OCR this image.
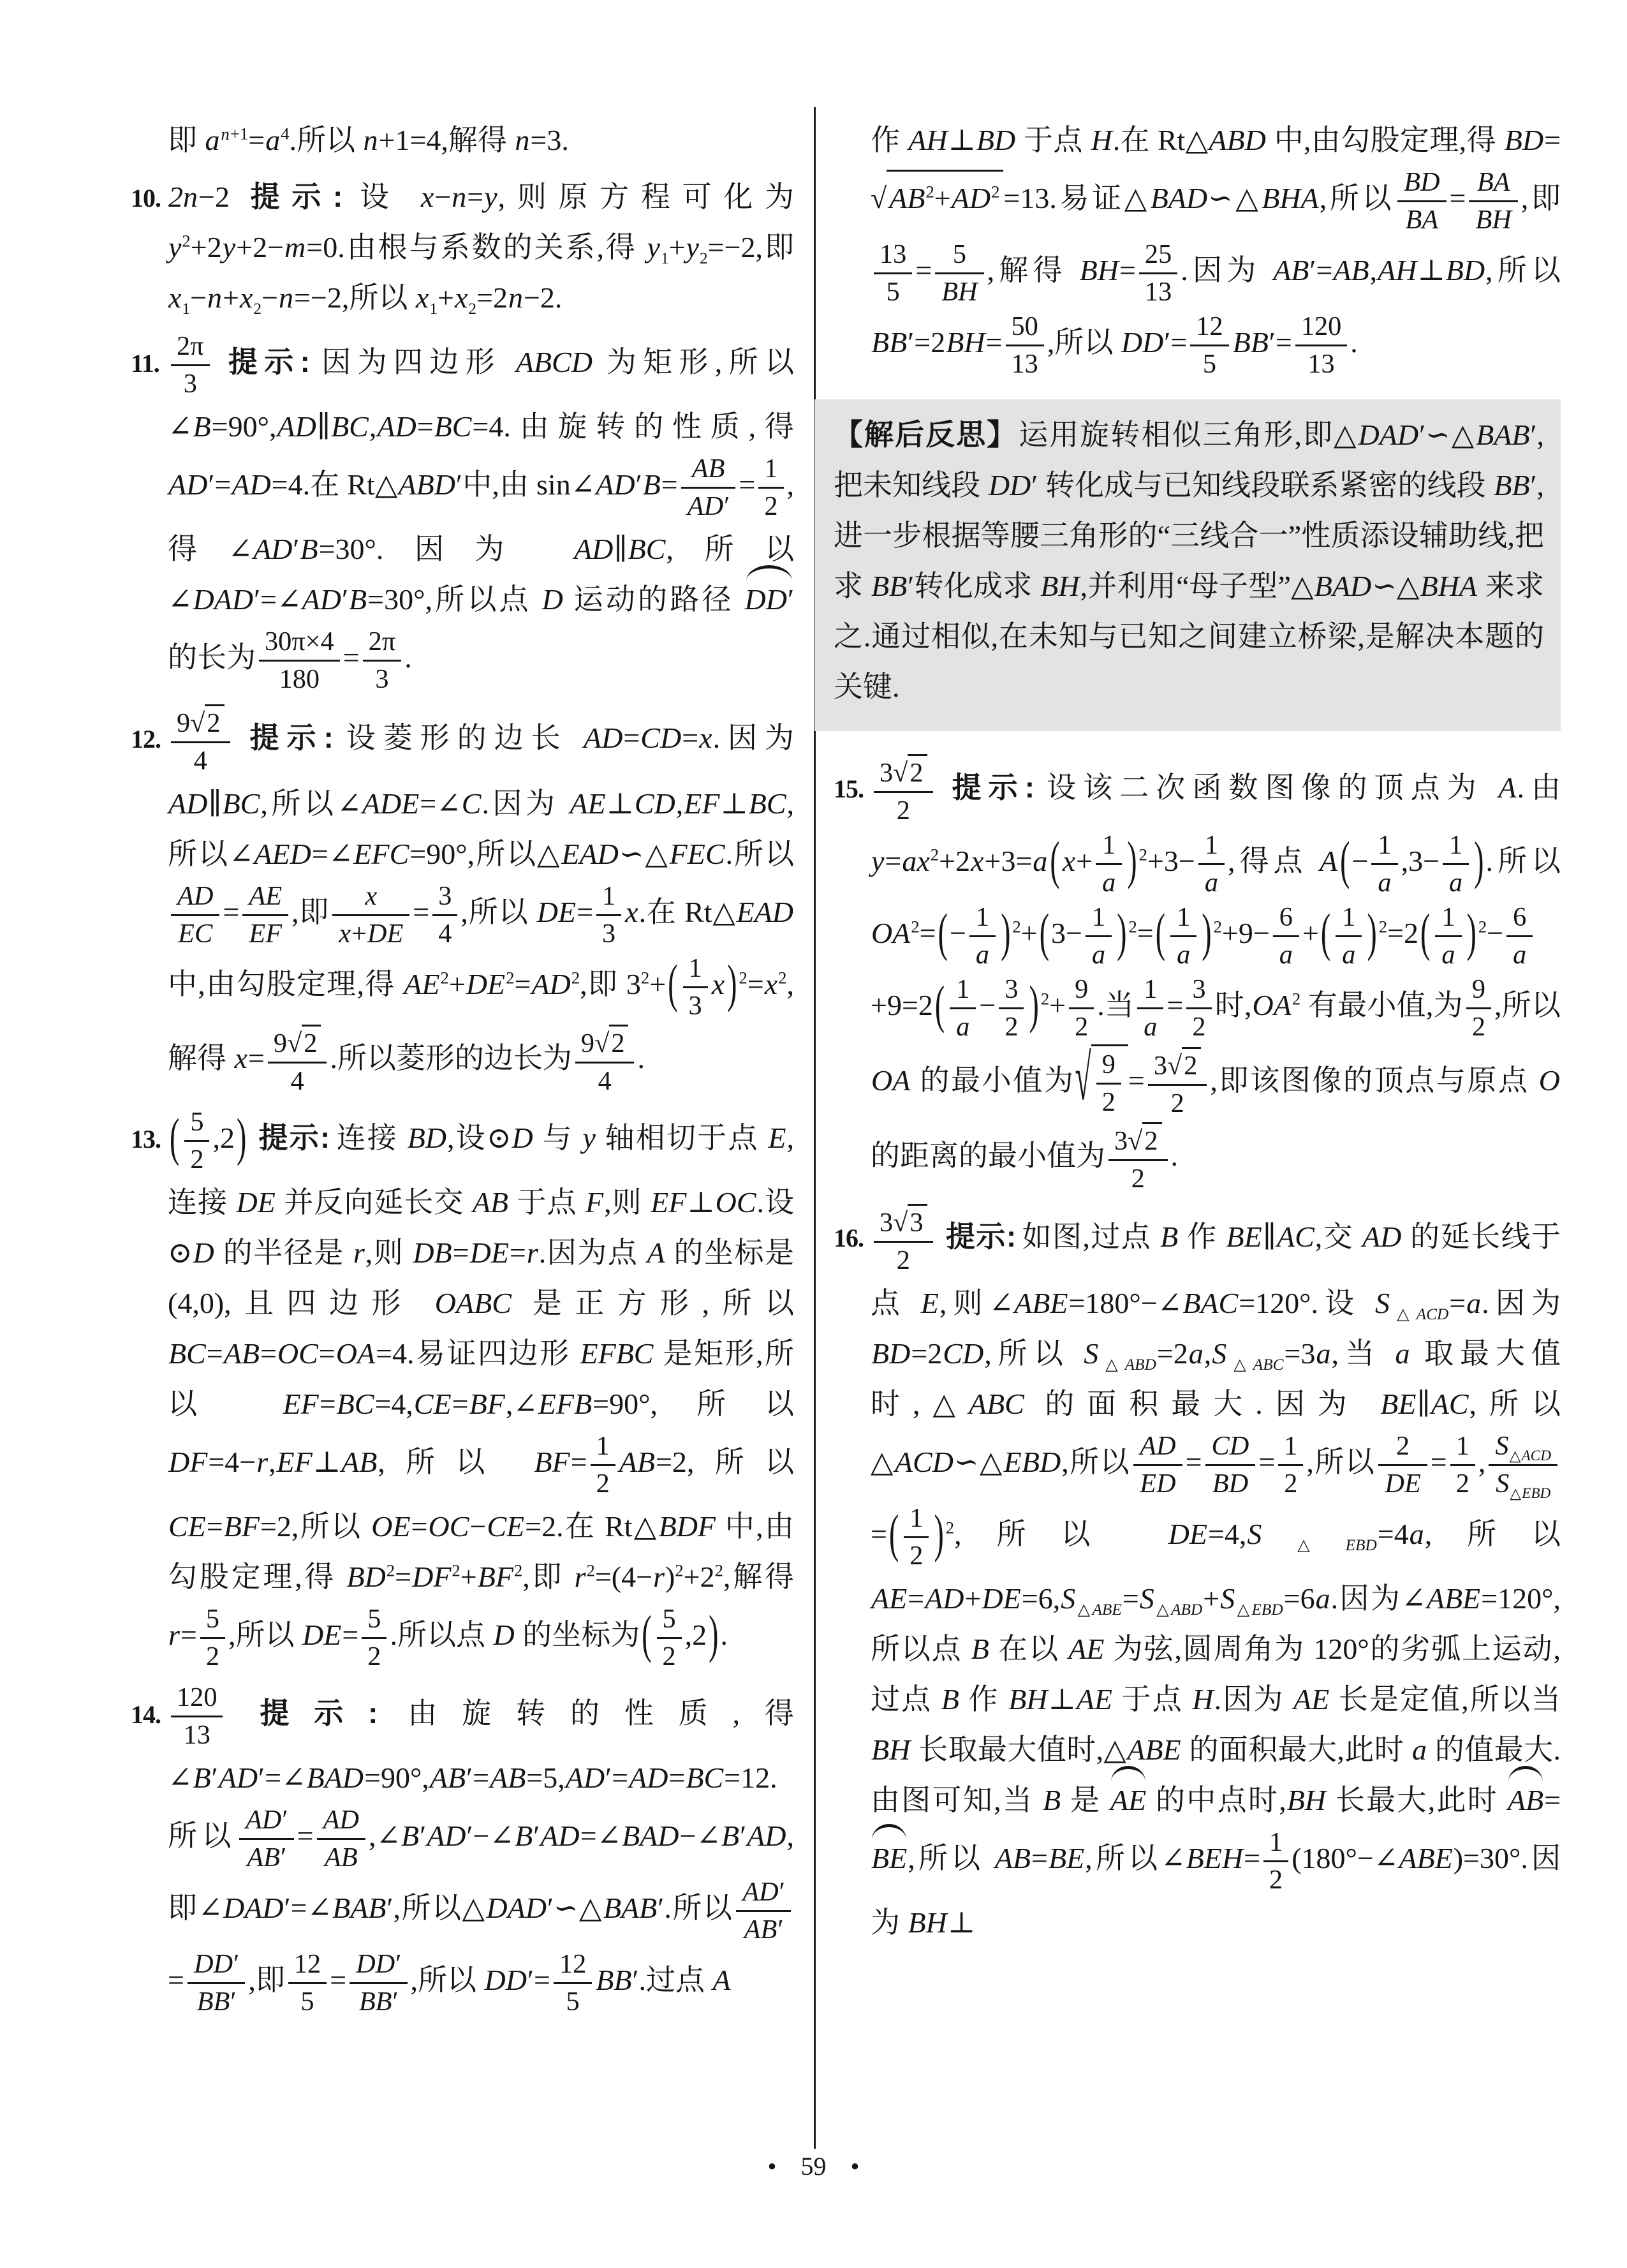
即 $a^{n+1}=a^4$.所以 n+1=4,解得 n=3.

10. 2n−2 提示: 设 x−n=y,则原方程可化为 $y^2+2y+2-m=0$.由根与系数的关系,得 $y_1+y_2=-2$,即 $x_1-n+x_2-n=-2$,所以 $x_1+x_2=2n-2$.

11. $\frac{2\pi}{3}$ 提示: 因为四边形 ABCD 为矩形,所以∠B=90°,AD∥BC,AD=BC=4.由旋转的性质,得 AD′=AD=4.在 Rt△ABD′中,由 sin∠AD′B= $\frac{AB}{AD'} = \frac{1}{2}$ ,得∠AD′B=30°.因为 AD∥BC,所以∠DAD′=∠AD′B=30°,所以点 D 运动的路径 DD′ 的长为 $\frac{30\pi\times 4}{180} = \frac{2\pi}{3}$ .

12. $\frac{9√2}{4}$ 提示: 设菱形的边长 AD=CD=x.因为 AD∥BC,所以∠ADE=∠C.因为 AE⊥CD,EF⊥BC,所以∠AED=∠EFC=90°,所以△EAD∽△FEC.所以
$\frac{AD}{EC} = \frac{AE}{EF}$ ,即 $\frac{x}{x+DE} = \frac{3}{4}$ ,所以 $DE= \frac{1}{3} x$.在 Rt△EAD 中,由勾股定理,得 $AE^2+DE^2=AD^2$,即 $3^2+( \frac{1}{3} x)$ $^2=x^2$,解得 $x= \frac{9√2}{4}$ .所以菱形的边长为 $\frac{9√2}{4}$ .

13. ( $\frac{5}{2} ,2$) 提示: 连接 BD,设⊙D 与 y 轴相切于点 E,连接 DE 并反向延长交 AB 于点 F,则 EF⊥OC.设⊙D 的半径是 r,则 DB=DE=r.因为点 A 的坐标是 (4,0),且四边形 OABC 是正方形,所以 BC=AB=OC=OA=4.易证四边形 EFBC 是矩形,所以 EF=BC=4,CE=BF,∠EFB=90°,所以 DF=4−r,EF⊥AB,所以 $BF= \frac{1}{2} AB=2$,所以 CE=BF=2,所以 OE=OC−CE=2.在 Rt△BDF 中,由勾股定理,得 $BD^2=DF^2+BF^2$,即 $r^2=(4-r)^2+2^2$,解得 $r= \frac{5}{2}$ ,所以 $DE= \frac{5}{2}$ .所以点 D 的坐标为( $\frac{5}{2} ,2$).

14. $\frac{120}{13}$ 提示: 由旋转的性质,得∠B′AD′=∠BAD=90°,AB′=AB=5,AD′=AD=BC=12.所以 $\frac{AD'}{AB'} = \frac{AD}{AB}$ ,∠B′AD′−∠B′AD=∠BAD−∠B′AD,即∠DAD′=∠BAB′,所以△DAD′∽△BAB′.所以 $\frac{AD'}{AB'}$
= $\frac{DD'}{BB'}$ ,即 $\frac{12}{5} = \frac{DD'}{BB'}$ ,所以 $DD'= \frac{12}{5} BB'$.过点 A

作 AH⊥BD 于点 H.在 Rt△ABD 中,由勾股定理,得 $BD=√AB^2+AD^2 =13$.易证△BAD∽△BHA,所以 $\frac{BD}{BA} = \frac{BA}{BH}$ ,即
$\frac{13}{5} = \frac{5}{BH}$ ,解得 $BH= \frac{25}{13}$ .因为 AB′=AB,AH⊥BD,所以 $BB'=2BH= \frac{50}{13}$ ,所以 $DD'= \frac{12}{5} BB'= \frac{120}{13}$ .

【解后反思】运用旋转相似三角形,即△DAD′∽△BAB′,把未知线段 DD′ 转化成与已知线段联系紧密的线段 BB′,进一步根据等腰三角形的“三线合一”性质添设辅助线,把求 BB′转化成求 BH,并利用“母子型”△BAD∽△BHA 来求之.通过相似,在未知与已知之间建立桥梁,是解决本题的关键.

15. $\frac{3√2}{2}$ 提示: 设该二次函数图像的顶点为 A.由 $y=ax^2+2x+3=a(x+ \frac{1}{a}$ ) $^2+3- \frac{1}{a}$ ,得点 $A(- \frac{1}{a} ,3- \frac{1}{a}$ ).所以 $OA^2=(- \frac{1}{a}$ ) $^2+(3- \frac{1}{a}$ ) $^2=( \frac{1}{a}$ ) $^2+9- \frac{6}{a}$ +( $\frac{1}{a}$ ) $^2=2( \frac{1}{a}$ ) $^2- \frac{6}{a}$
$+9=2( \frac{1}{a} - \frac{3}{2}$ ) $^2+ \frac{9}{2}$ .当 $\frac{1}{a} = \frac{3}{2}$ 时$,OA^2$ 有最小值,为 $\frac{9}{2}$ ,所以 OA 的最小值为√ $\frac{9}{2} = \frac{3√2}{2}$ ,即该图像的顶点与原点 O 的距离的最小值为 $\frac{3√2}{2}$ .

16. $\frac{3√3}{2}$ 提示: 如图,过点 B 作 BE∥AC,交 AD 的延长线于点 E,则∠ABE=180°−∠BAC=120°.设 $S_{\triangle ACD}=a$.因为 BD=2CD,所以 $S_{\triangle ABD}=2a,S_{\triangle ABC}=3a$,当 a 取最大值时,△ABC 的面积最大.因为 BE∥AC,所以△ACD∽△EBD,所以 $\frac{AD}{ED} = \frac{CD}{BD} = \frac{1}{2}$ ,所以 $\frac{2}{DE} = \frac{1}{2}$ , $\frac{S_{\triangle ACD}}{S_{\triangle EBD}}$
=( $\frac{1}{2}$ ) $^2$,所以 $DE=4,S_{\triangle EBD}=4a$,所以 $AE=AD+DE=6,S_{\triangle ABE}=S_{\triangle ABD}+S_{\triangle EBD}=6a$.因为∠ABE=120°,所以点 B 在以 AE 为弦,圆周角为 120°的劣弧上运动,过点 B 作 BH⊥AE 于点 H.因为 AE 长是定值,所以当 BH 长取最大值时,△ABE 的面积最大,此时 a 的值最大.由图可知,当 B 是 AE 的中点时,BH 长最大,此时 AB=BE,所以 AB=BE,所以∠BEH= $\frac{1}{2}$ (180°−∠ABE)=30°.因为 BH⊥

• 59 •
